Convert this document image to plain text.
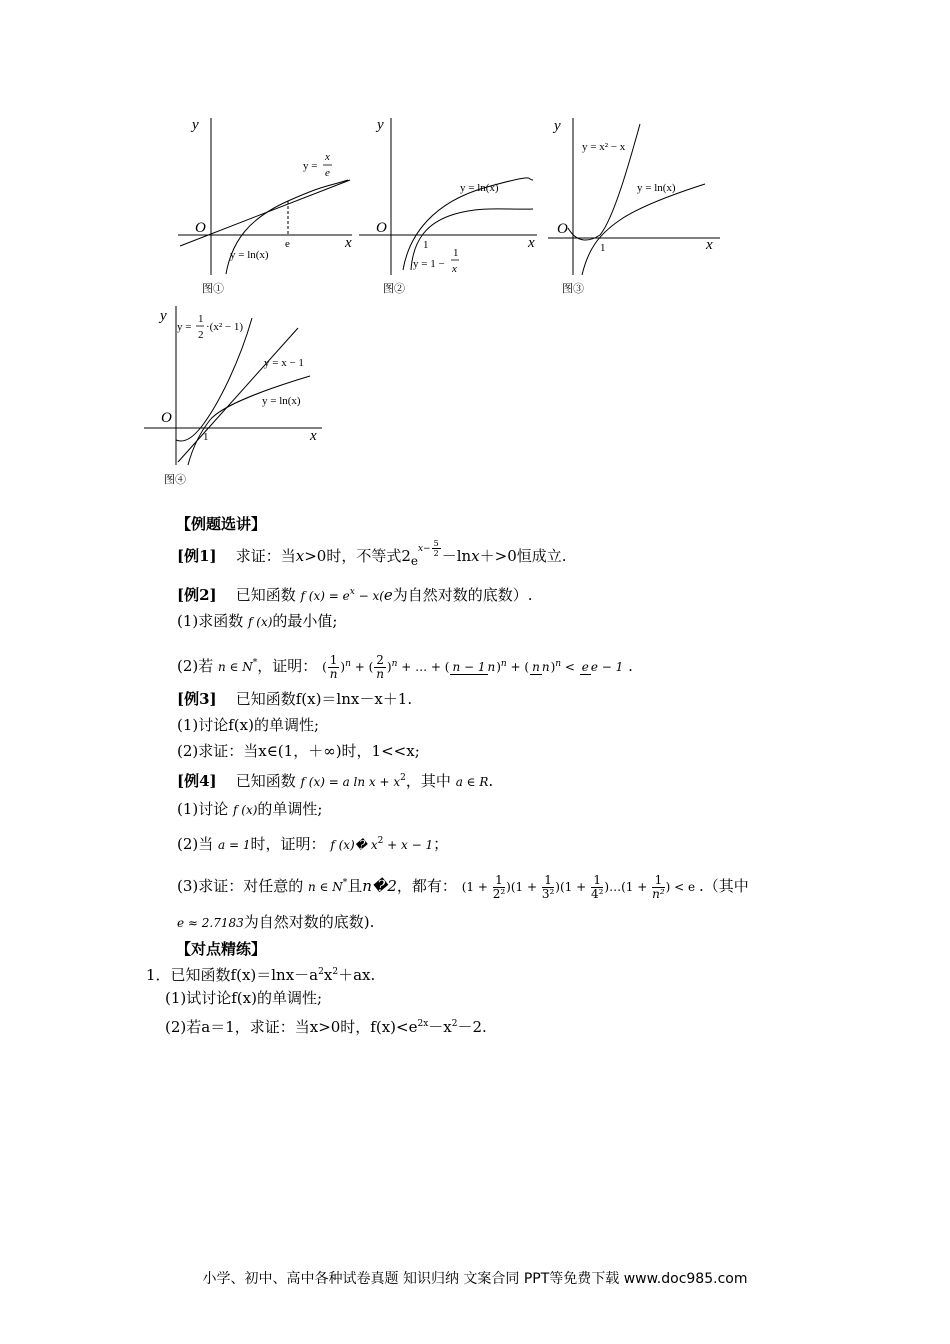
y
x
O
e
y =
x
e
y = ln(x)
图①
y
x
O
1
y = ln(x)
y = 1 −
1
x
图②
y
x
O
1
y = x² − x
y = ln(x)
图③
y
x
O
1
y =
1
2
·(x² − 1)
y = x − 1
y = ln(x)
图④
【例题选讲】
[例1] 求证：当x>0时，不等式$2_e^{x- \frac{5}{2}} -\ln x+>0$恒成立.
[例2] 已知函数 f $(x) = e^x - x(e$为自然对数的底数）.
(1)求函数 f (x)的最小值;
(2)若 n ∈ N*，证明： ( $\frac{1}{n})^n$ + ( $\frac{2}{n})^n$ + … + ( n − 1 n)$^n$ + ( n n)$^n$ < e e − 1 .
[例3] 已知函数f(x)＝lnx－x＋1.
(1)讨论f(x)的单调性;
(2)求证：当x∈(1，＋∞)时，1<<x;
[例4] 已知函数 f (x) = a $\ln x + x^2$，其中 a ∈ R.
(1)讨论 f (x)的单调性;
(2)当 a = 1时，证明： f (x)� $x^2 + x - 1$；
(3)求证：对任意的 n ∈ N*且n�2，都有： $(1 + \frac{1}{\text{2²}} )(1 + \frac{1}{\text{3²}} )(1 + \frac{1}{\text{4²}}$ )…(1 + $\frac{1}{\text{n²}}) < e$ .（其中
e ≈ 2.7183为自然对数的底数).
【对点精练】
1．已知函数$f(x)=\ln x-a^2x^2+ax$.
(1)试讨论f(x)的单调性;
(2)若a＝1，求证：当x>0时，$f(x)<e^{2x}-x^2-2$.
小学、初中、高中各种试卷真题 知识归纳 文案合同 PPT等免费下载 www.doc985.com
